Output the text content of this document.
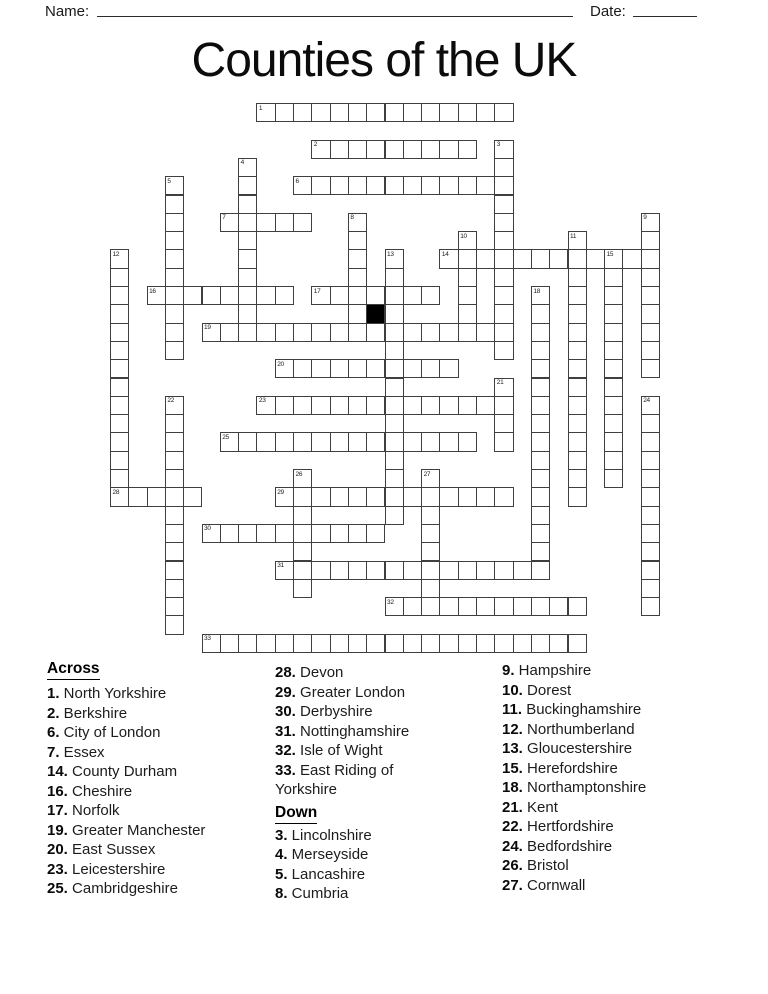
Name:	Date:
Counties of the UK
1
2	3
4
5	6
7	8	9
10	11
12
28
13	14	15
16	17	18
19
20
21
22	23	24
25
26	27
29
30
31
32
33
Across
1. North Yorkshire
2. Berkshire
6. City of London
7. Essex
14. County Durham
16. Cheshire
17. Norfolk
19. Greater Manchester
20. East Sussex
23. Leicestershire
25. Cambridgeshire
28. Devon
29. Greater London
30. Derbyshire
31. Nottinghamshire
32. Isle of Wight
33. East Riding of Yorkshire
Down
3. Lincolnshire
4. Merseyside
5. Lancashire
8. Cumbria
9. Hampshire
10. Dorest
11. Buckinghamshire
12. Northumberland
13. Gloucestershire
15. Herefordshire
18. Northamptonshire
21. Kent
22. Hertfordshire
24. Bedfordshire
26. Bristol
27. Cornwall
